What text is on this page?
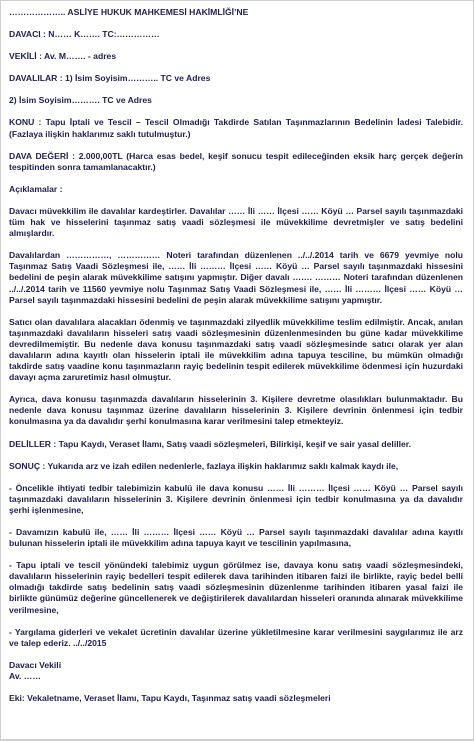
……………….. ASLİYE HUKUK MAHKEMESİ HAKİMLİĞİ’NE

DAVACI : N…… K……. TC:……………

VEKİLİ : Av. M……. - adres

DAVALILAR : 1) İsim Soyisim……….. TC ve Adres

2) İsim Soyisim………. TC ve Adres

KONU : Tapu İptali ve Tescil – Tescil Olmadığı Takdirde Satılan Taşınmazlarının Bedelinin İadesi Talebidir. (Fazlaya ilişkin haklarımız saklı tutulmuştur.)

DAVA DEĞERİ : 2.000,00TL (Harca esas bedel, keşif sonucu tespit edileceğinden eksik harç gerçek değerin tespitinden sonra tamamlanacaktır.)

Açıklamalar :

Davacı müvekkilim ile davalılar kardeştirler. Davalılar …… İli …… İlçesi …… Köyü … Parsel sayılı taşınmazdaki tüm hak ve hisselerini taşınmaz satış vaadi sözleşmesi ile müvekkilime devretmişler ve satış bedelini almışlardır.

Davalılardan ……………, …………… Noteri tarafından düzenlenen ../../.2014 tarih ve 6679 yevmiye nolu Taşınmaz Satış Vaadi Sözleşmesi ile, …… İli ……… İlçesi …… Köyü … Parsel sayılı taşınmazdaki hissesini bedelini de peşin alarak müvekkilime satışını yapmıştır. Diğer davalı ……. ……… Noteri tarafından düzenlenen ../../.2014 tarih ve 11560 yevmiye nolu Taşınmaz Satış Vaadi Sözleşmesi ile, …… İli ……… İlçesi …… Köyü … Parsel sayılı taşınmazdaki hissesini bedelini de peşin alarak müvekkilime satışını yapmıştır.

Satıcı olan davalılara alacakları ödenmiş ve taşınmazdaki zilyedlik müvekkilime teslim edilmiştir. Ancak, anılan taşınmazdaki davalıların hisseleri satış vaadi sözleşmesinin düzenlenmesinden bu güne kadar müvekkilime devredilmemiştir. Bu nedenle dava konusu taşınmazdaki satış vaadi sözleşmesinde satıcı olarak yer alan davalıların adına kayıtlı olan hisselerin iptali ile müvekkilim adına tapuya tesciline, bu mümkün olmadığı takdirde satış vaadine konu taşınmazların rayiç bedelinin tespit edilerek müvekkilime ödenmesi için huzurdaki davayı açma zaruretimiz hasıl olmuştur.

Ayrıca, dava konusu taşınmazda davalıların hisselerinin 3. Kişilere devretme olasılıkları bulunmaktadır. Bu nedenle dava konusu taşınmaz üzerine davalıların hisselerinin 3. Kişilere devrinin önlenmesi için tedbir konulmasına ya da davalıdır şerhi konulmasına karar verilmesini talep etmekteyiz.

DELİLLER : Tapu Kaydı, Veraset İlamı, Satış vaadi sözleşmeleri, Bilirkişi, keşif ve sair yasal deliller.

SONUÇ : Yukarıda arz ve izah edilen nedenlerle, fazlaya ilişkin haklarımız saklı kalmak kaydı ile,

- Öncelikle ihtiyati tedbir talebimizin kabulü ile dava konusu …… İli ……… İlçesi …… Köyü … Parsel sayılı taşınmazdaki davalıların hisselerinin 3. Kişilere devrinin önlenmesi için tedbir konulmasına ya da davalıdır şerhi işlenmesine,

- Davamızın kabulü ile, …… İli ……… İlçesi …… Köyü … Parsel sayılı taşınmazdaki davalılar adına kayıtlı bulunan hisselerin iptali ile müvekkilim adına tapuya kayıt ve tescilinin yapılmasına,

- Tapu iptali ve tescil yönündeki talebimiz uygun görülmez ise, davaya konu satış vaadi sözleşmesindeki, davalıların hisselerinin rayiç bedelleri tespit edilerek dava tarihinden itibaren faizi ile birlikte, rayiç bedel belli olmadığı takdirde satış bedelinin satış vaadi sözleşmesinin düzenlenme tarihinden itibaren yasal faizi ile birlikte günümüz değerine güncellenerek ve değiştirilerek davalılardan hisseleri oranında alınarak müvekkilime verilmesine,

- Yargılama giderleri ve vekalet ücretinin davalılar üzerine yükletilmesine karar verilmesini saygılarımız ile arz ve talep ederiz. ../../2015

Davacı Vekili

Av. ……

Eki: Vekaletname, Veraset İlamı, Tapu Kaydı, Taşınmaz satış vaadi sözleşmeleri
